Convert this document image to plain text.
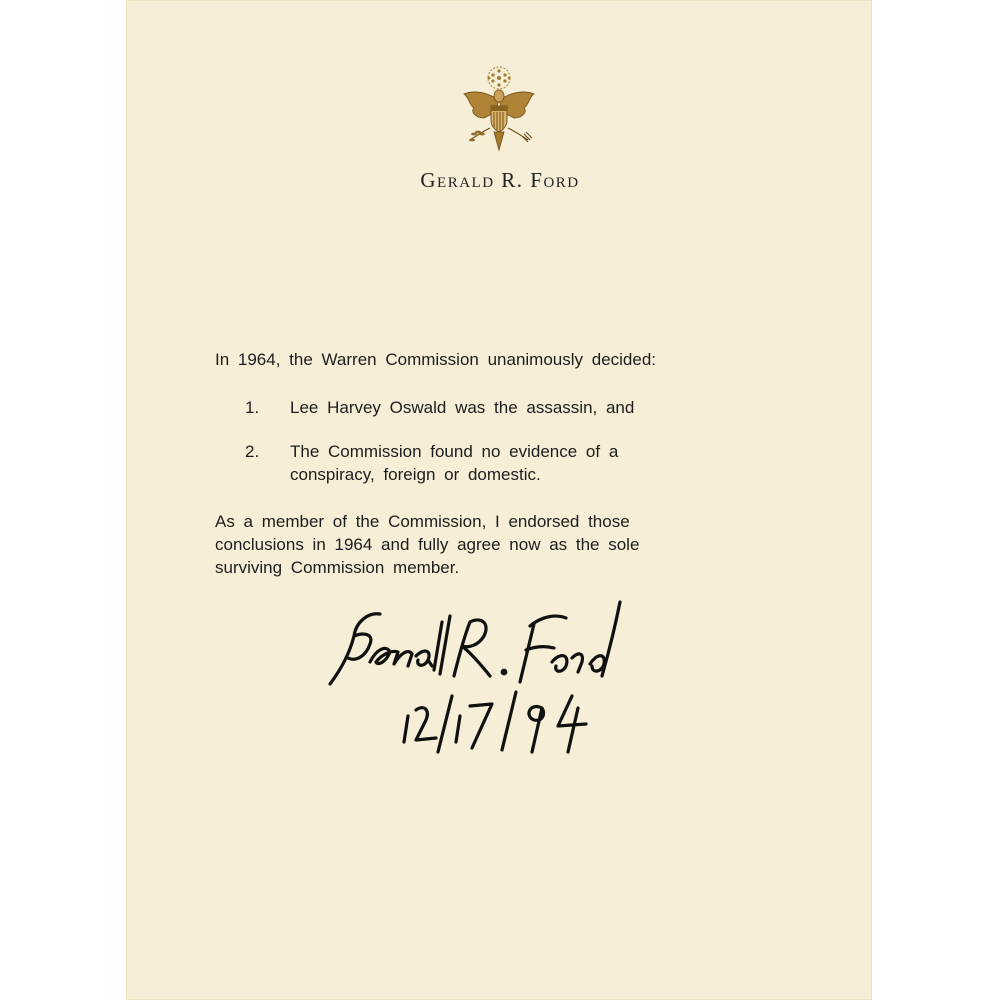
Gerald R. Ford
In 1964, the Warren Commission unanimously decided:
1. Lee Harvey Oswald was the assassin, and
2. The Commission found no evidence of a
conspiracy, foreign or domestic.
As a member of the Commission, I endorsed those
conclusions in 1964 and fully agree now as the sole
surviving Commission member.
